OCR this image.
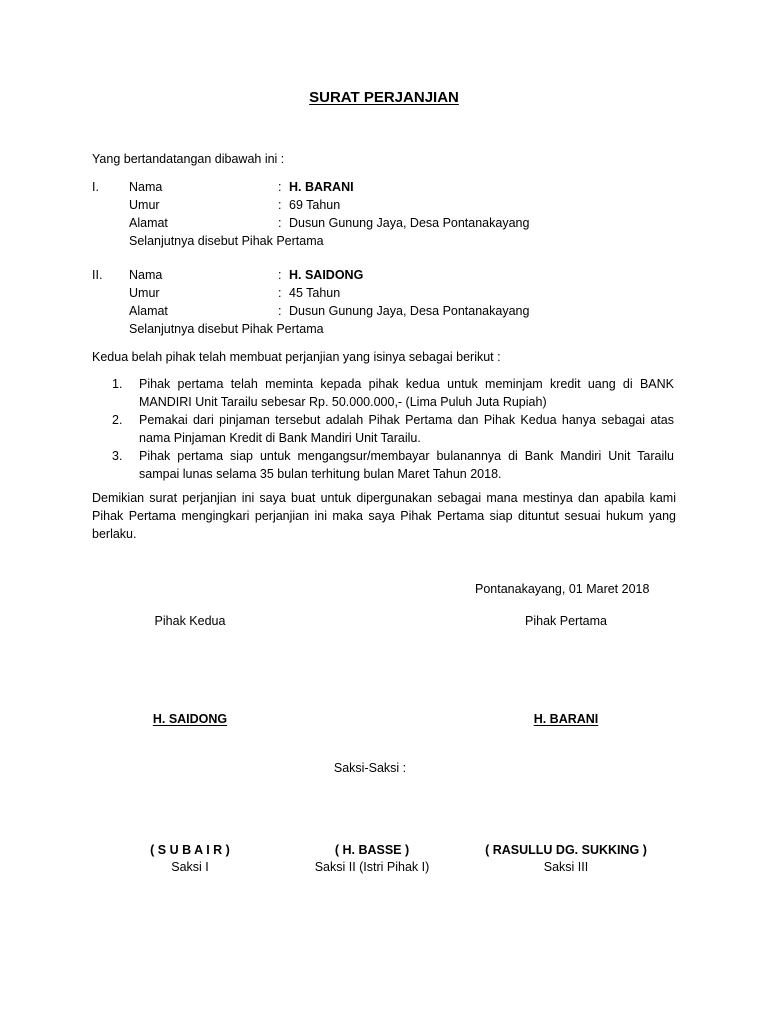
SURAT PERJANJIAN
Yang bertandatangan dibawah ini :
I. Nama	: H. BARANI
Umur	: 69 Tahun
Alamat	: Dusun Gunung Jaya, Desa Pontanakayang
Selanjutnya disebut Pihak Pertama
II. Nama	: H. SAIDONG
Umur	: 45 Tahun
Alamat	: Dusun Gunung Jaya, Desa Pontanakayang
Selanjutnya disebut Pihak Pertama
Kedua belah pihak telah membuat perjanjian yang isinya sebagai berikut :
1. Pihak pertama telah meminta kepada pihak kedua untuk meminjam kredit uang di BANK MANDIRI Unit Tarailu sebesar Rp. 50.000.000,- (Lima Puluh Juta Rupiah)
2. Pemakai dari pinjaman tersebut adalah Pihak Pertama dan Pihak Kedua hanya sebagai atas nama Pinjaman Kredit di Bank Mandiri Unit Tarailu.
3. Pihak pertama siap untuk mengangsur/membayar bulanannya di Bank Mandiri Unit Tarailu sampai lunas selama 35 bulan terhitung bulan Maret Tahun 2018.
Demikian surat perjanjian ini saya buat untuk dipergunakan sebagai mana mestinya dan apabila kami Pihak Pertama mengingkari perjanjian ini maka saya Pihak Pertama siap dituntut sesuai hukum yang berlaku.
Pontanakayang, 01 Maret 2018
Pihak Kedua	Pihak Pertama
H. SAIDONG	H. BARANI
Saksi-Saksi :
( S U B A I R )
Saksi I
( H. BASSE )
Saksi II (Istri Pihak I)
( RASULLU DG. SUKKING )
Saksi III
